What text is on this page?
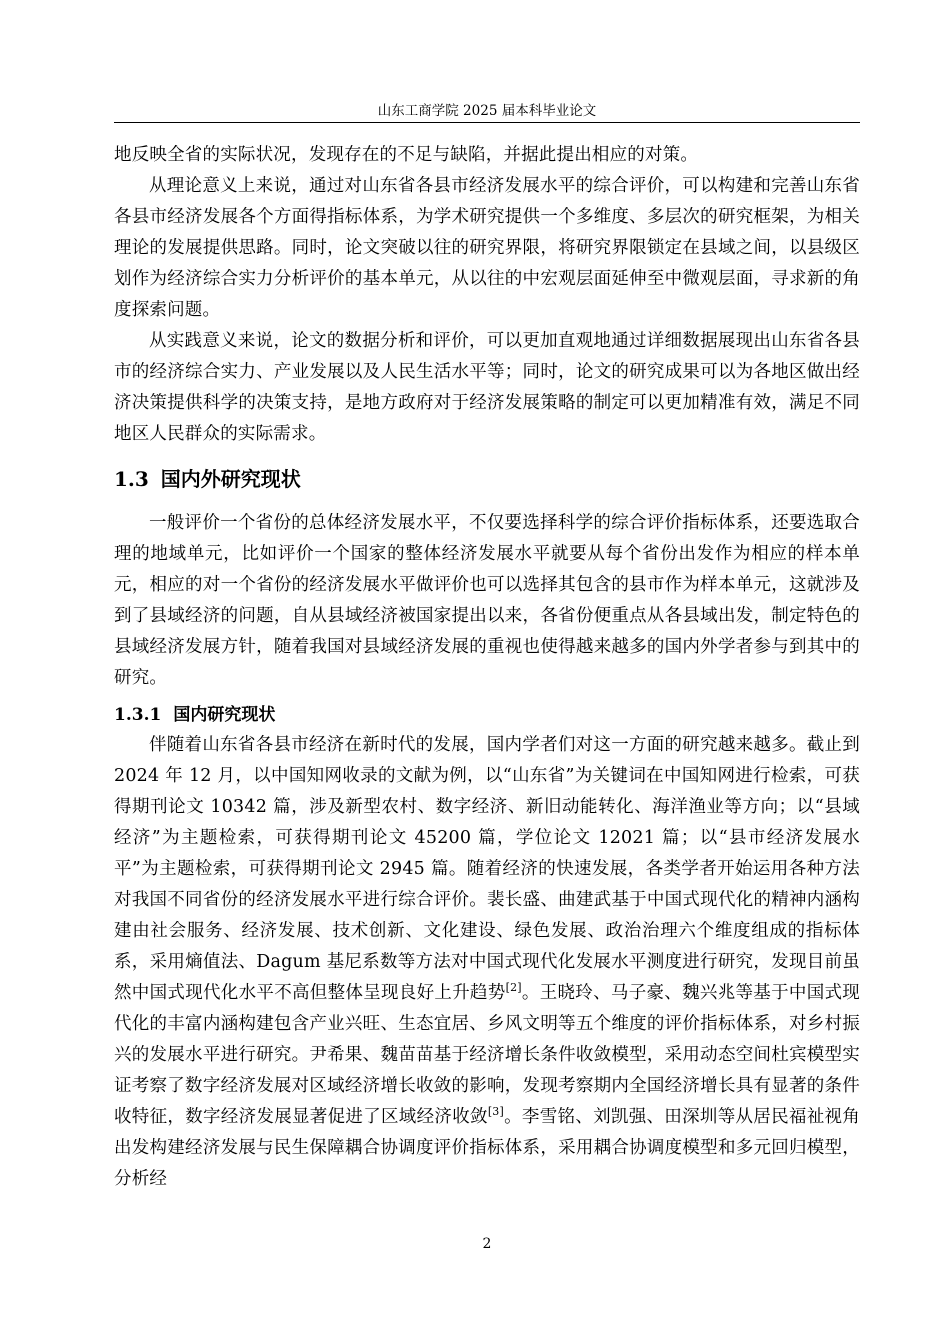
山东工商学院 2025 届本科毕业论文

地反映全省的实际状况，发现存在的不足与缺陷，并据此提出相应的对策。

从理论意义上来说，通过对山东省各县市经济发展水平的综合评价，可以构建和完善山东省各县市经济发展各个方面得指标体系，为学术研究提供一个多维度、多层次的研究框架，为相关理论的发展提供思路。同时，论文突破以往的研究界限，将研究界限锁定在县域之间，以县级区划作为经济综合实力分析评价的基本单元，从以往的中宏观层面延伸至中微观层面，寻求新的角度探索问题。

从实践意义来说，论文的数据分析和评价，可以更加直观地通过详细数据展现出山东省各县市的经济综合实力、产业发展以及人民生活水平等；同时，论文的研究成果可以为各地区做出经济决策提供科学的决策支持，是地方政府对于经济发展策略的制定可以更加精准有效，满足不同地区人民群众的实际需求。

1.3 国内外研究现状

一般评价一个省份的总体经济发展水平，不仅要选择科学的综合评价指标体系，还要选取合理的地域单元，比如评价一个国家的整体经济发展水平就要从每个省份出发作为相应的样本单元，相应的对一个省份的经济发展水平做评价也可以选择其包含的县市作为样本单元，这就涉及到了县域经济的问题，自从县域经济被国家提出以来，各省份便重点从各县域出发，制定特色的县域经济发展方针，随着我国对县域经济发展的重视也使得越来越多的国内外学者参与到其中的研究。

1.3.1 国内研究现状

伴随着山东省各县市经济在新时代的发展，国内学者们对这一方面的研究越来越多。截止到 2024 年 12 月，以中国知网收录的文献为例，以“山东省”为关键词在中国知网进行检索，可获得期刊论文 10342 篇，涉及新型农村、数字经济、新旧动能转化、海洋渔业等方向；以“县域经济”为主题检索，可获得期刊论文 45200 篇，学位论文 12021 篇；以“县市经济发展水平”为主题检索，可获得期刊论文 2945 篇。随着经济的快速发展，各类学者开始运用各种方法对我国不同省份的经济发展水平进行综合评价。裴长盛、曲建武基于中国式现代化的精神内涵构建由社会服务、经济发展、技术创新、文化建设、绿色发展、政治治理六个维度组成的指标体系，采用熵值法、Dagum 基尼系数等方法对中国式现代化发展水平测度进行研究，发现目前虽然中国式现代化水平不高但整体呈现良好上升趋势[2]。王晓玲、马子豪、魏兴兆等基于中国式现代化的丰富内涵构建包含产业兴旺、生态宜居、乡风文明等五个维度的评价指标体系，对乡村振兴的发展水平进行研究。尹希果、魏苗苗基于经济增长条件收敛模型，采用动态空间杜宾模型实证考察了数字经济发展对区域经济增长收敛的影响，发现考察期内全国经济增长具有显著的条件收特征，数字经济发展显著促进了区域经济收敛[3]。李雪铭、刘凯强、田深圳等从居民福祉视角出发构建经济发展与民生保障耦合协调度评价指标体系，采用耦合协调度模型和多元回归模型，分析经

2
